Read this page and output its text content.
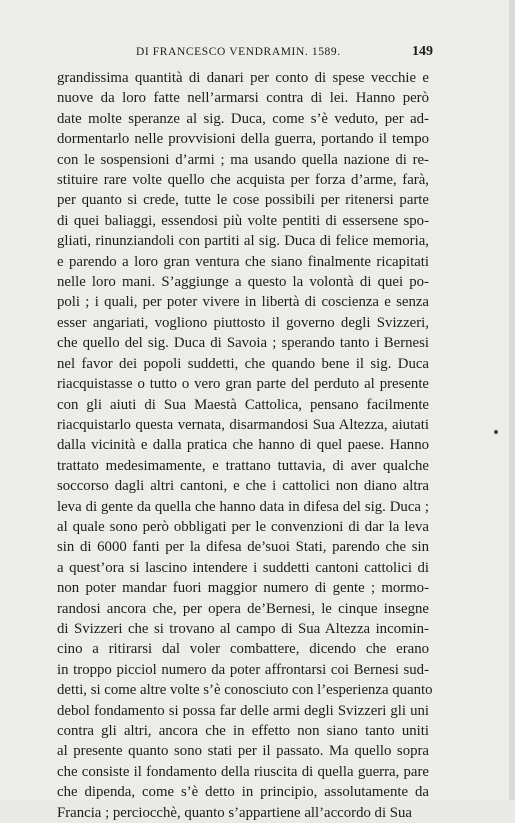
DI FRANCESCO VENDRAMIN. 1589.	149
grandissima quantità di danari per conto di spese vecchie e
nuove da loro fatte nell’armarsi contra di lei. Hanno però
date molte speranze al sig. Duca, come s’è veduto, per ad-
dormentarlo nelle provvisioni della guerra, portando il tempo
con le sospensioni d’armi ; ma usando quella nazione di re-
stituire rare volte quello che acquista per forza d’arme, farà,
per quanto si crede, tutte le cose possibili per ritenersi parte
di quei baliaggi, essendosi più volte pentiti di essersene spo-
gliati, rinunziandoli con partiti al sig. Duca di felice memoria,
e parendo a loro gran ventura che siano finalmente ricapitati
nelle loro mani. S’aggiunge a questo la volontà di quei po-
poli ; i quali, per poter vivere in libertà di coscienza e senza
esser angariati, vogliono piuttosto il governo degli Svizzeri,
che quello del sig. Duca di Savoia ; sperando tanto i Bernesi
nel favor dei popoli suddetti, che quando bene il sig. Duca
riacquistasse o tutto o vero gran parte del perduto al presente
con gli aiuti di Sua Maestà Cattolica, pensano facilmente
riacquistarlo questa vernata, disarmandosi Sua Altezza, aiutati
dalla vicinità e dalla pratica che hanno di quel paese. Hanno
trattato medesimamente, e trattano tuttavia, di aver qualche
soccorso dagli altri cantoni, e che i cattolici non diano altra
leva di gente da quella che hanno data in difesa del sig. Duca ;
al quale sono però obbligati per le convenzioni di dar la leva
sin di 6000 fanti per la difesa de’suoi Stati, parendo che sin
a quest’ora si lascino intendere i suddetti cantoni cattolici di
non poter mandar fuori maggior numero di gente ; mormo-
randosi ancora che, per opera de’Bernesi, le cinque insegne
di Svizzeri che si trovano al campo di Sua Altezza incomin-
cino a ritirarsi dal voler combattere, dicendo che erano
in troppo picciol numero da poter affrontarsi coi Bernesi sud-
detti, si come altre volte s’è conosciuto con l’esperienza quanto
debol fondamento si possa far delle armi degli Svizzeri gli uni
contra gli altri, ancora che in effetto non siano tanto uniti
al presente quanto sono stati per il passato. Ma quello sopra
che consiste il fondamento della riuscita di quella guerra, pare
che dipenda, come s’è detto in principio, assolutamente da
Francia ; perciocchè, quanto s’appartiene all’accordo di Sua
